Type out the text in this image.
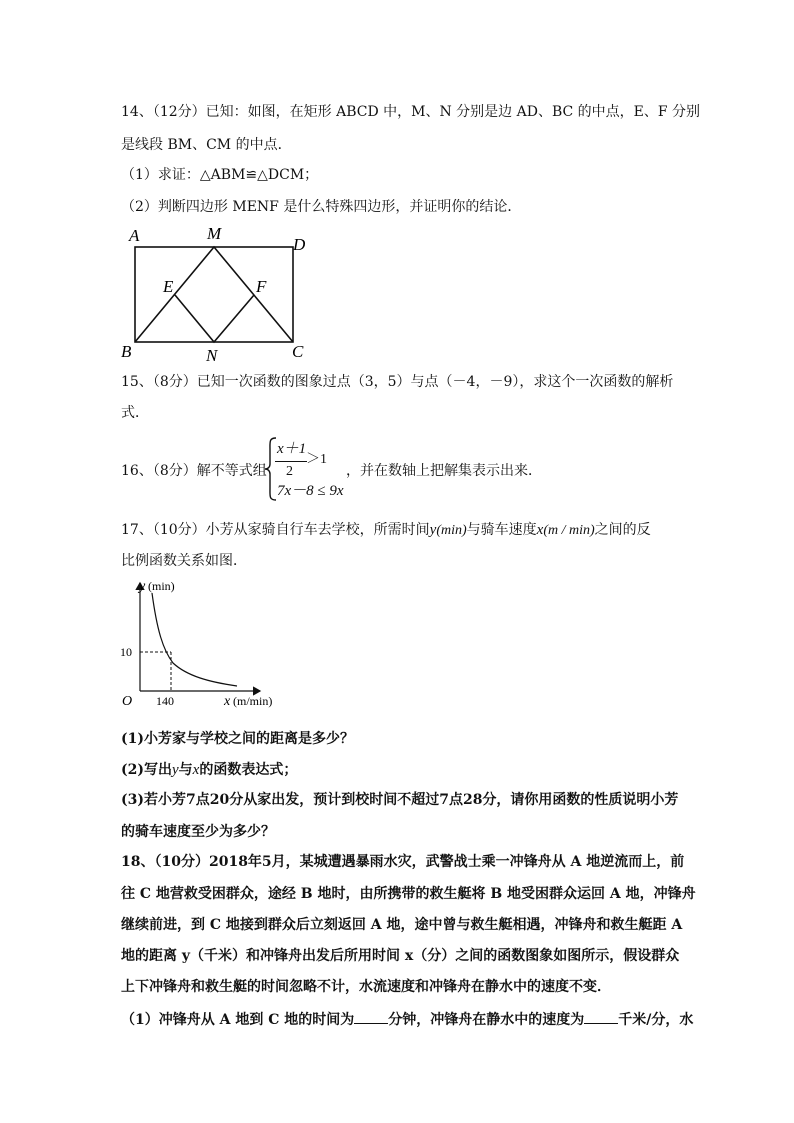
14、（12分）已知：如图，在矩形 ABCD 中，M、N 分别是边 AD、BC 的中点，E、F 分别
是线段 BM、CM 的中点．
（1）求证：△ABM≌△DCM；
（2）判断四边形 MENF 是什么特殊四边形，并证明你的结论．
A	M
D
E	F
B	N	C
15、（8分）已知一次函数的图象过点（3，5）与点（－4，－9），求这个一次函数的解析
式．
16、（8分）解不等式组
x＋1
2
＞1
7x－8 ≤ 9x
，并在数轴上把解集表示出来．
17、（10分）小芳从家骑自行车去学校，所需时间y(min)与骑车速度x(m / min)之间的反
比例函数关系如图．
y (min)
10
O 140	x (m/min)
(1)小芳家与学校之间的距离是多少？
(2)写出y与x的函数表达式；
(3)若小芳7点20分从家出发，预计到校时间不超过7点28分，请你用函数的性质说明小芳
的骑车速度至少为多少？
18、（10分）2018年5月，某城遭遇暴雨水灾，武警战士乘一冲锋舟从 A 地逆流而上，前
往 C 地营救受困群众，途经 B 地时，由所携带的救生艇将 B 地受困群众运回 A 地，冲锋舟
继续前进，到 C 地接到群众后立刻返回 A 地，途中曾与救生艇相遇，冲锋舟和救生艇距 A
地的距离 y（千米）和冲锋舟出发后所用时间 x（分）之间的函数图象如图所示，假设群众
上下冲锋舟和救生艇的时间忽略不计，水流速度和冲锋舟在静水中的速度不变．
（1）冲锋舟从 A 地到 C 地的时间为 分钟，冲锋舟在静水中的速度为 千米/分，水
